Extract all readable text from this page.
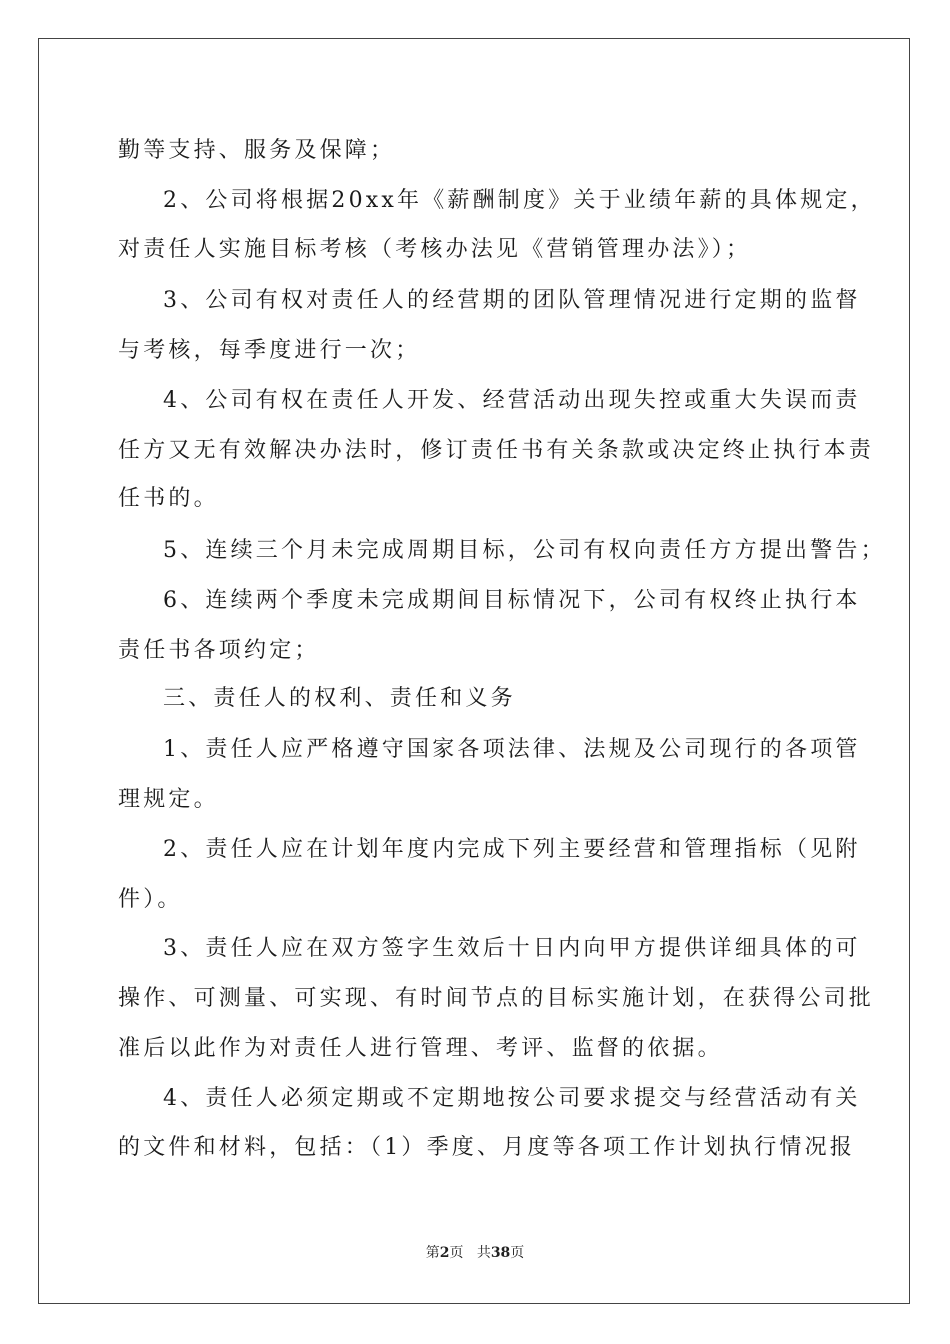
勤等支持、服务及保障；
2、公司将根据20xx年《薪酬制度》关于业绩年薪的具体规定，
对责任人实施目标考核（考核办法见《营销管理办法》）；
3、公司有权对责任人的经营期的团队管理情况进行定期的监督
与考核，每季度进行一次；
4、公司有权在责任人开发、经营活动出现失控或重大失误而责
任方又无有效解决办法时，修订责任书有关条款或决定终止执行本责
任书的。
5、连续三个月未完成周期目标，公司有权向责任方方提出警告；
6、连续两个季度未完成期间目标情况下，公司有权终止执行本
责任书各项约定；
三、责任人的权利、责任和义务
1、责任人应严格遵守国家各项法律、法规及公司现行的各项管
理规定。
2、责任人应在计划年度内完成下列主要经营和管理指标（见附
件）。
3、责任人应在双方签字生效后十日内向甲方提供详细具体的可
操作、可测量、可实现、有时间节点的目标实施计划，在获得公司批
准后以此作为对责任人进行管理、考评、监督的依据。
4、责任人必须定期或不定期地按公司要求提交与经营活动有关
的文件和材料，包括：（1）季度、月度等各项工作计划执行情况报
第2页 共38页
